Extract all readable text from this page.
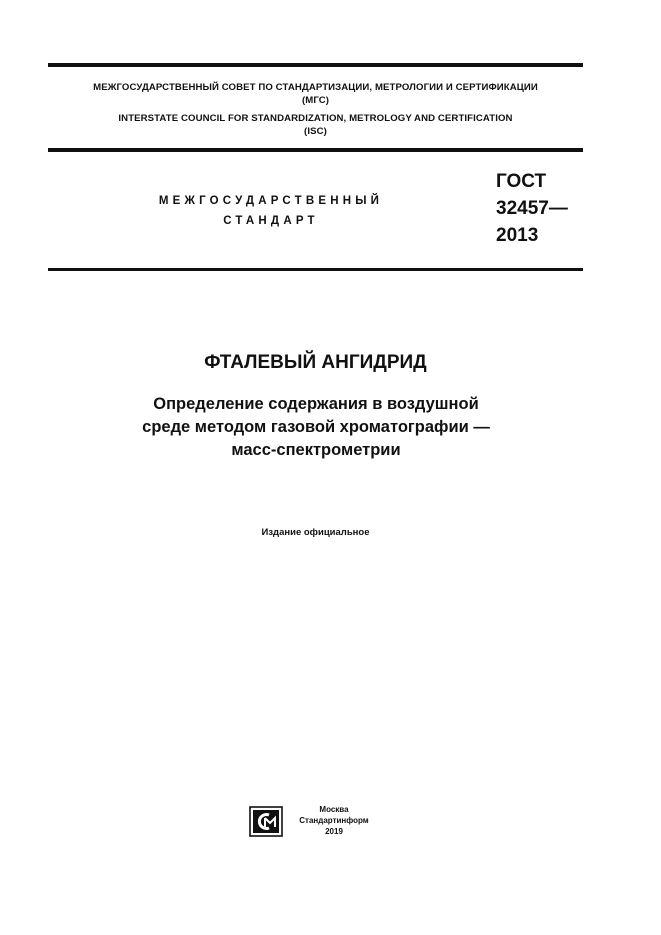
МЕЖГОСУДАРСТВЕННЫЙ СОВЕТ ПО СТАНДАРТИЗАЦИИ, МЕТРОЛОГИИ И СЕРТИФИКАЦИИ
(МГС)
INTERSTATE COUNCIL FOR STANDARDIZATION, METROLOGY AND CERTIFICATION
(ISC)
МЕЖГОСУДАРСТВЕННЫЙ
СТАНДАРТ
ГОСТ
32457—
2013
ФТАЛЕВЫЙ АНГИДРИД
Определение содержания в воздушной
среде методом газовой хроматографии —
масс-спектрометрии
Издание официальное
Москва
Стандартинформ
2019
